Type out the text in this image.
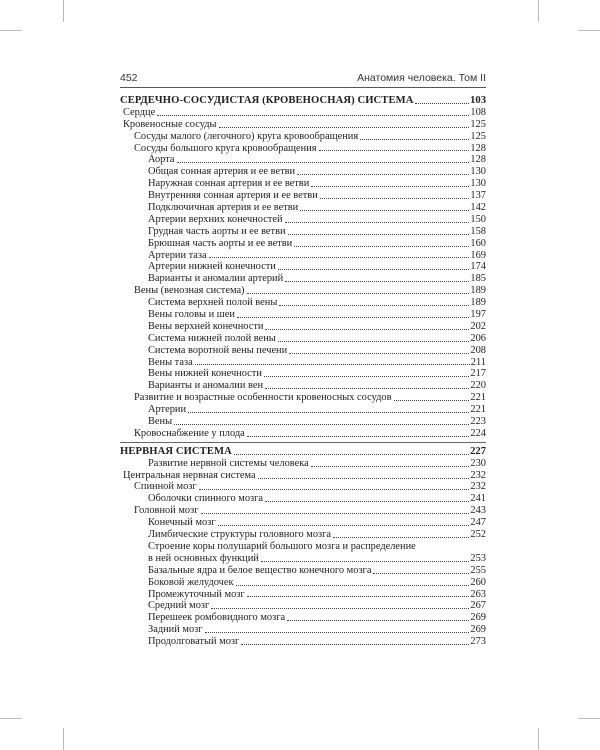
452	Анатомия человека. Том II
СЕРДЕЧНО-СОСУДИСТАЯ (КРОВЕНОСНАЯ) СИСТЕМА	103
Сердце	108
Кровеносные сосуды	125
Сосуды малого (легочного) круга кровообращения	125
Сосуды большого круга кровообращения	128
Аорта	128
Общая сонная артерия и ее ветви	130
Наружная сонная артерия и ее ветви	130
Внутренняя сонная артерия и ее ветви	137
Подключичная артерия и ее ветви	142
Артерии верхних конечностей	150
Грудная часть аорты и ее ветви	158
Брюшная часть аорты и ее ветви	160
Артерии таза	169
Артерии нижней конечности	174
Варианты и аномалии артерий	185
Вены (венозная система)	189
Система верхней полой вены	189
Вены головы и шеи	197
Вены верхней конечности	202
Система нижней полой вены	206
Система воротной вены печени	208
Вены таза	211
Вены нижней конечности	217
Варианты и аномалии вен	220
Развитие и возрастные особенности кровеносных сосудов	221
Артерии	221
Вены	223
Кровоснабжение у плода	224
НЕРВНАЯ СИСТЕМА	227
Развитие нервной системы человека	230
Центральная нервная система	232
Спинной мозг	232
Оболочки спинного мозга	241
Головной мозг	243
Конечный мозг	247
Лимбические структуры головного мозга	252
Строение коры полушарий большого мозга и распределение
в ней основных функций	253
Базальные ядра и белое вещество конечного мозга	255
Боковой желудочек	260
Промежуточный мозг	263
Средний мозг	267
Перешеек ромбовидного мозга	269
Задний мозг	269
Продолговатый мозг	273
